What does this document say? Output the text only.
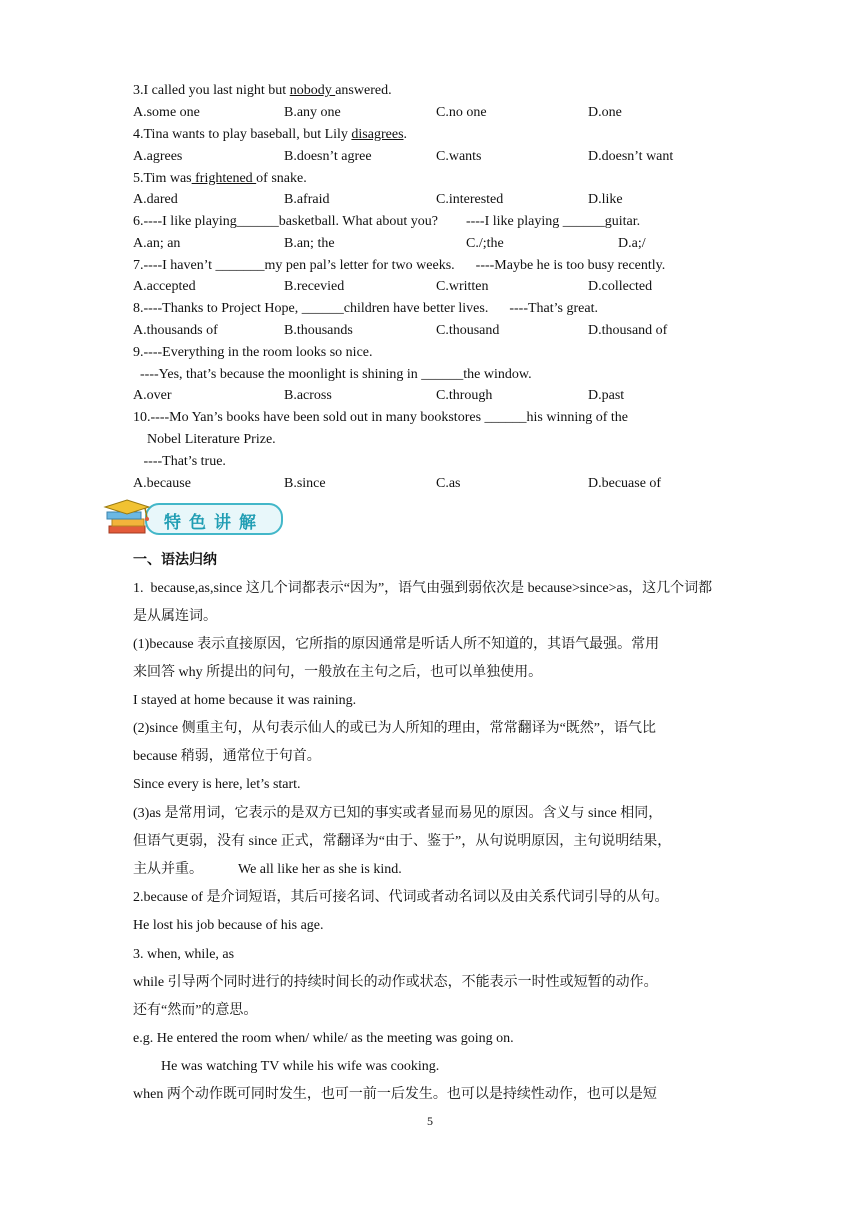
3.I called you last night but nobody answered.
A.some one	B.any one	C.no one	D.one
4.Tina wants to play baseball, but Lily disagrees.
A.agrees	B.doesn’t agree	C.wants	D.doesn’t want
5.Tim was frightened of snake.
A.dared	B.afraid	C.interested	D.like
6.----I like playing______basketball. What about you?        ----I like playing ______guitar.
A.an; an	B.an; the	C./;the	D.a;/
7.----I haven’t _______my pen pal’s letter for two weeks.      ----Maybe he is too busy recently.
A.accepted	B.recevied	C.written	D.collected
8.----Thanks to Project Hope, ______children have better lives.      ----That’s great.
A.thousands of	B.thousands	C.thousand	D.thousand of
9.----Everything in the room looks so nice.
----Yes, that’s because the moonlight is shining in ______the window.
A.over	B.across	C.through	D.past
10.----Mo Yan’s books have been sold out in many bookstores ______his winning of the
Nobel Literature Prize.
----That’s true.
A.because	B.since	C.as	D.becuase of
特色讲解
一、语法归纳
1.  because,as,since 这几个词都表示“因为”，语气由强到弱依次是 because>since>as，这几个词都
是从属连词。
(1)because 表示直接原因，它所指的原因通常是听话人所不知道的，其语气最强。常用
来回答 why 所提出的问句，一般放在主句之后，也可以单独使用。
I stayed at home because it was raining.
(2)since 侧重主句，从句表示仙人的或已为人所知的理由，常常翻译为“既然”，语气比
because 稍弱，通常位于句首。
Since every is here, let’s start.
(3)as 是常用词，它表示的是双方已知的事实或者显而易见的原因。含义与 since 相同，
但语气更弱，没有 since 正式，常翻译为“由于、鉴于”，从句说明原因，主句说明结果，
主从并重。          We all like her as she is kind.
2.because of 是介词短语，其后可接名词、代词或者动名词以及由关系代词引导的从句。
He lost his job because of his age.
3. when, while, as
while 引导两个同时进行的持续时间长的动作或状态，不能表示一时性或短暂的动作。
还有“然而”的意思。
e.g. He entered the room when/ while/ as the meeting was going on.
He was watching TV while his wife was cooking.
when 两个动作既可同时发生，也可一前一后发生。也可以是持续性动作，也可以是短
5
